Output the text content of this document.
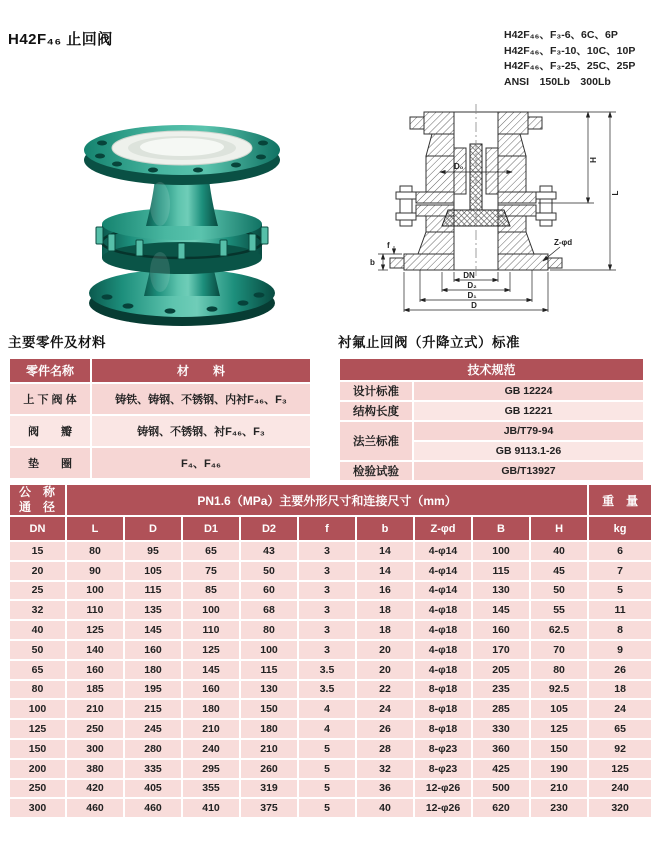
H42F₄₆ 止回阀	H42F₄₆、F₃-6、6C、6P
H42F₄₆、F₃-10、10C、10P
H42F₄₆、F₃-25、25C、25P
ANSI　150Lb　300Lb
D₀
H
L
Z-φd
b
f
DN
D₂
D₁
D
主要零件及材料
零件名称	材　　料
上 下 阀 体	铸铁、铸钢、不锈钢、内衬F₄₆、F₃
阀　　瓣	铸钢、不锈钢、衬F₄₆、F₃
垫　　圈	F₄、F₄₆
衬氟止回阀（升降立式）标准
技术规范	
设计标准	GB 12224
结构长度	GB 12221
法兰标准	JB/T79-94
	GB 9113.1-26
检验试验	GB/T13927
公　称
通　径	PN1.6（MPa）主要外形尺寸和连接尺寸（mm）									重　量
DN	L	D	D1	D2	f	b	Z-φd	B	H	kg
15	80	95	65	43	3	14	4-φ14	100	40	6
20	90	105	75	50	3	14	4-φ14	115	45	7
25	100	115	85	60	3	16	4-φ14	130	50	5
32	110	135	100	68	3	18	4-φ18	145	55	11
40	125	145	110	80	3	18	4-φ18	160	62.5	8
50	140	160	125	100	3	20	4-φ18	170	70	9
65	160	180	145	115	3.5	20	4-φ18	205	80	26
80	185	195	160	130	3.5	22	8-φ18	235	92.5	18
100	210	215	180	150	4	24	8-φ18	285	105	24
125	250	245	210	180	4	26	8-φ18	330	125	65
150	300	280	240	210	5	28	8-φ23	360	150	92
200	380	335	295	260	5	32	8-φ23	425	190	125
250	420	405	355	319	5	36	12-φ26	500	210	240
300	460	460	410	375	5	40	12-φ26	620	230	320
